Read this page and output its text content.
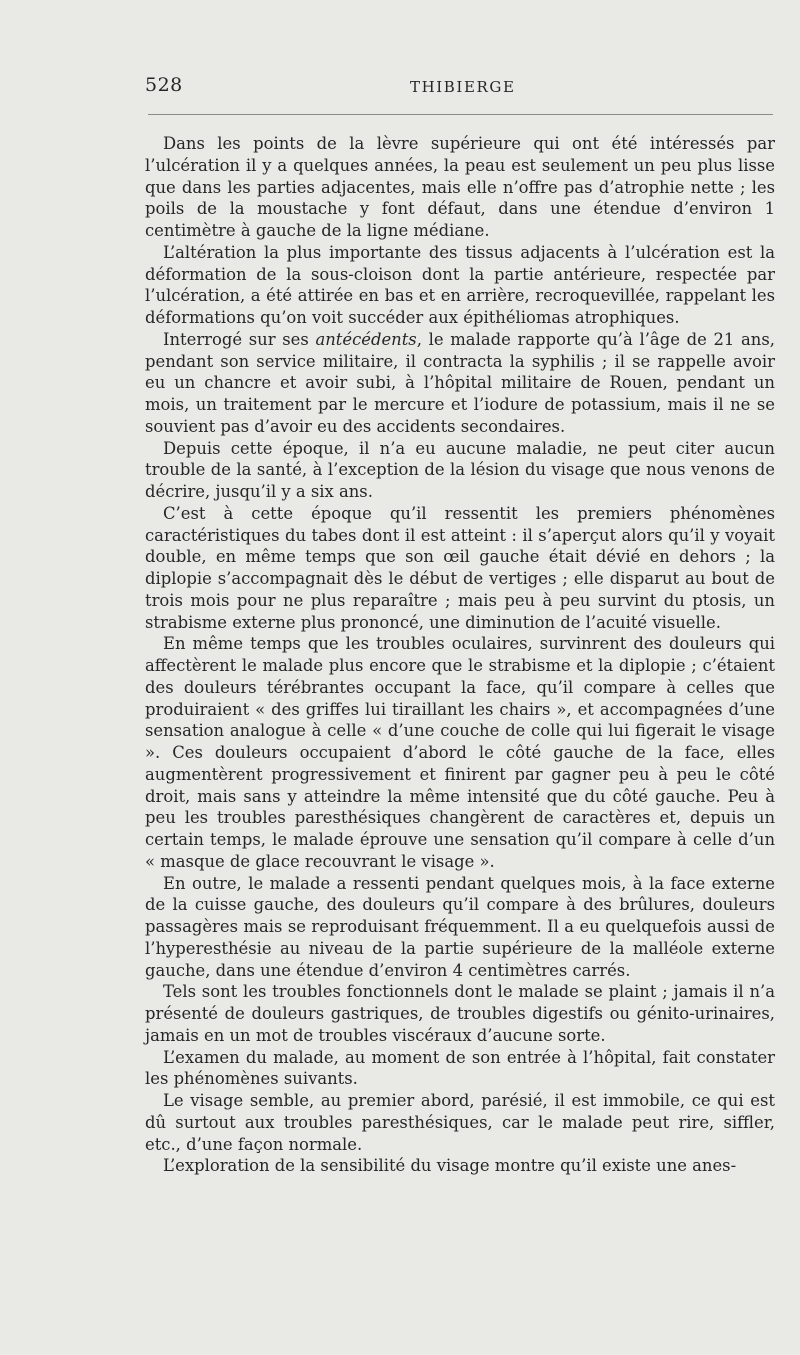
528	THIBIERGE

Dans les points de la lèvre supérieure qui ont été intéressés par l’ulcération il y a quelques années, la peau est seulement un peu plus lisse que dans les parties adjacentes, mais elle n’offre pas d’atrophie nette ; les poils de la moustache y font défaut, dans une étendue d’environ 1 centimètre à gauche de la ligne médiane.

L’altération la plus importante des tissus adjacents à l’ulcération est la déformation de la sous-cloison dont la partie antérieure, respectée par l’ulcération, a été attirée en bas et en arrière, recroquevillée, rappelant les déformations qu’on voit succéder aux épithéliomas atrophiques.

Interrogé sur ses antécédents, le malade rapporte qu’à l’âge de 21 ans, pendant son service militaire, il contracta la syphilis ; il se rappelle avoir eu un chancre et avoir subi, à l’hôpital militaire de Rouen, pendant un mois, un traitement par le mercure et l’iodure de potassium, mais il ne se souvient pas d’avoir eu des accidents secondaires.

Depuis cette époque, il n’a eu aucune maladie, ne peut citer aucun trouble de la santé, à l’exception de la lésion du visage que nous venons de décrire, jusqu’il y a six ans.

C’est à cette époque qu’il ressentit les premiers phénomènes caractéristiques du tabes dont il est atteint : il s’aperçut alors qu’il y voyait double, en même temps que son œil gauche était dévié en dehors ; la diplopie s’accompagnait dès le début de vertiges ; elle disparut au bout de trois mois pour ne plus reparaître ; mais peu à peu survint du ptosis, un strabisme externe plus prononcé, une diminution de l’acuité visuelle.

En même temps que les troubles oculaires, survinrent des douleurs qui affectèrent le malade plus encore que le strabisme et la diplopie ; c’étaient des douleurs térébrantes occupant la face, qu’il compare à celles que produiraient « des griffes lui tiraillant les chairs », et accompagnées d’une sensation analogue à celle « d’une couche de colle qui lui figerait le visage ». Ces douleurs occupaient d’abord le côté gauche de la face, elles augmentèrent progressivement et finirent par gagner peu à peu le côté droit, mais sans y atteindre la même intensité que du côté gauche. Peu à peu les troubles paresthésiques changèrent de caractères et, depuis un certain temps, le malade éprouve une sensation qu’il compare à celle d’un « masque de glace recouvrant le visage ».

En outre, le malade a ressenti pendant quelques mois, à la face externe de la cuisse gauche, des douleurs qu’il compare à des brûlures, douleurs passagères mais se reproduisant fréquemment. Il a eu quelquefois aussi de l’hyperesthésie au niveau de la partie supérieure de la malléole externe gauche, dans une étendue d’environ 4 centimètres carrés.

Tels sont les troubles fonctionnels dont le malade se plaint ; jamais il n’a présenté de douleurs gastriques, de troubles digestifs ou génito-urinaires, jamais en un mot de troubles viscéraux d’aucune sorte.

L’examen du malade, au moment de son entrée à l’hôpital, fait constater les phénomènes suivants.

Le visage semble, au premier abord, parésié, il est immobile, ce qui est dû surtout aux troubles paresthésiques, car le malade peut rire, siffler, etc., d’une façon normale.

L’exploration de la sensibilité du visage montre qu’il existe une anes-
